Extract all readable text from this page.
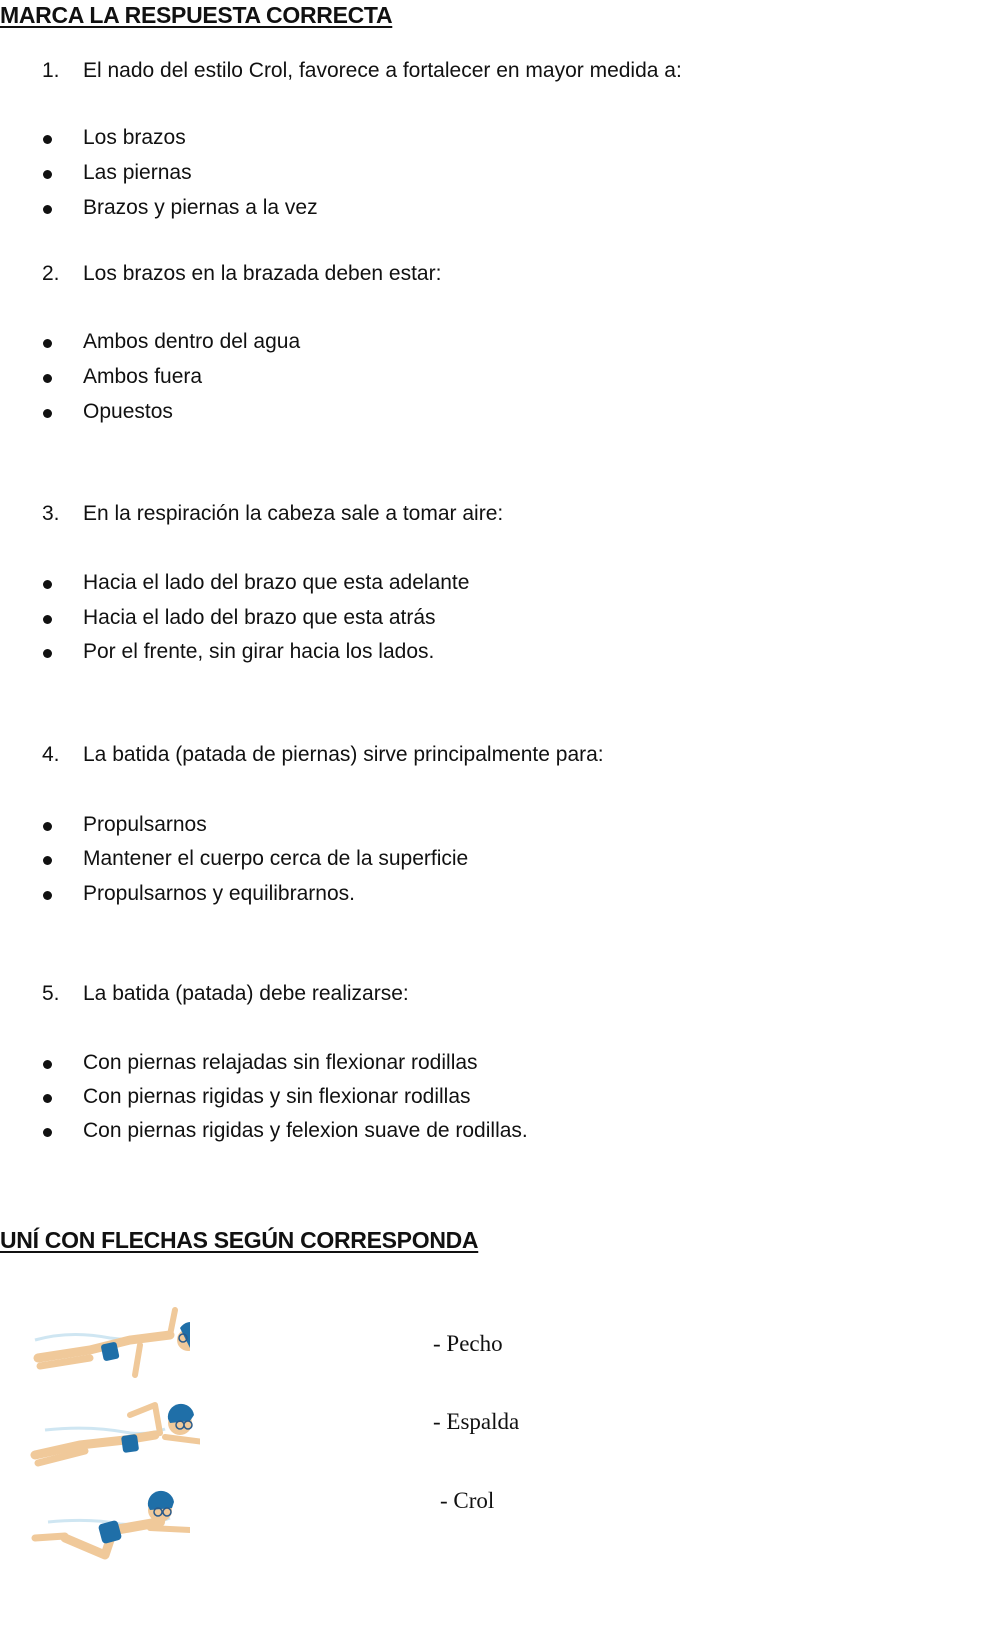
MARCA LA RESPUESTA CORRECTA
1. El nado del estilo Crol, favorece a fortalecer en mayor medida a:
Los brazos
Las piernas
Brazos y piernas a la vez
2. Los brazos en la brazada deben estar:
Ambos dentro del agua
Ambos fuera
Opuestos
3. En la respiración la cabeza sale a tomar aire:
Hacia el lado del brazo que esta adelante
Hacia el lado del brazo que esta atrás
Por el frente, sin girar hacia los lados.
4. La batida (patada de piernas) sirve principalmente para:
Propulsarnos
Mantener el cuerpo cerca de la superficie
Propulsarnos y equilibrarnos.
5. La batida (patada) debe realizarse:
Con piernas relajadas sin flexionar rodillas
Con piernas rigidas y sin flexionar rodillas
Con piernas rigidas y felexion suave de rodillas.
UNÍ CON FLECHAS SEGÚN CORRESPONDA
- Pecho
- Espalda
- Crol
